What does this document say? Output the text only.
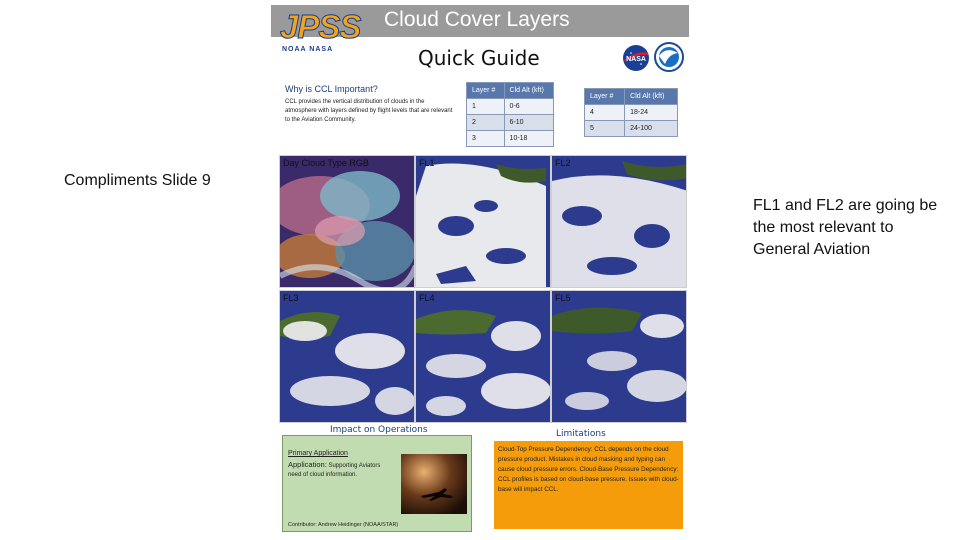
JPSS
NOAA NASA
Cloud Cover Layers
Quick Guide	NASA
Why is CCL Important?
CCL provides the vertical distribution of clouds in the atmosphere with layers defined by flight levels that are relevant to the Aviation Community.
Layer #	Cld Alt (kft)
1	0-6
2	6-10
3	10-18
Layer #	Cld Alt (kft)
4	18-24
5	24-100
Day Cloud Type RGB	FL1	FL2
FL3	FL4	FL5
Impact on Operations
Primary Application
Application: Supporting Aviators need of cloud information.
Contributor: Andrew Heidinger (NOAA/STAR)
Limitations
Cloud-Top Pressure Dependency: CCL depends on the cloud pressure product. Mistakes in cloud masking and typing can cause cloud pressure errors. Cloud-Base Pressure Dependency: CCL profiles is based on cloud-base pressure. Issues with cloud-base will impact CCL.
Compliments Slide 9
FL1 and FL2 are going be the most relevant to General Aviation
